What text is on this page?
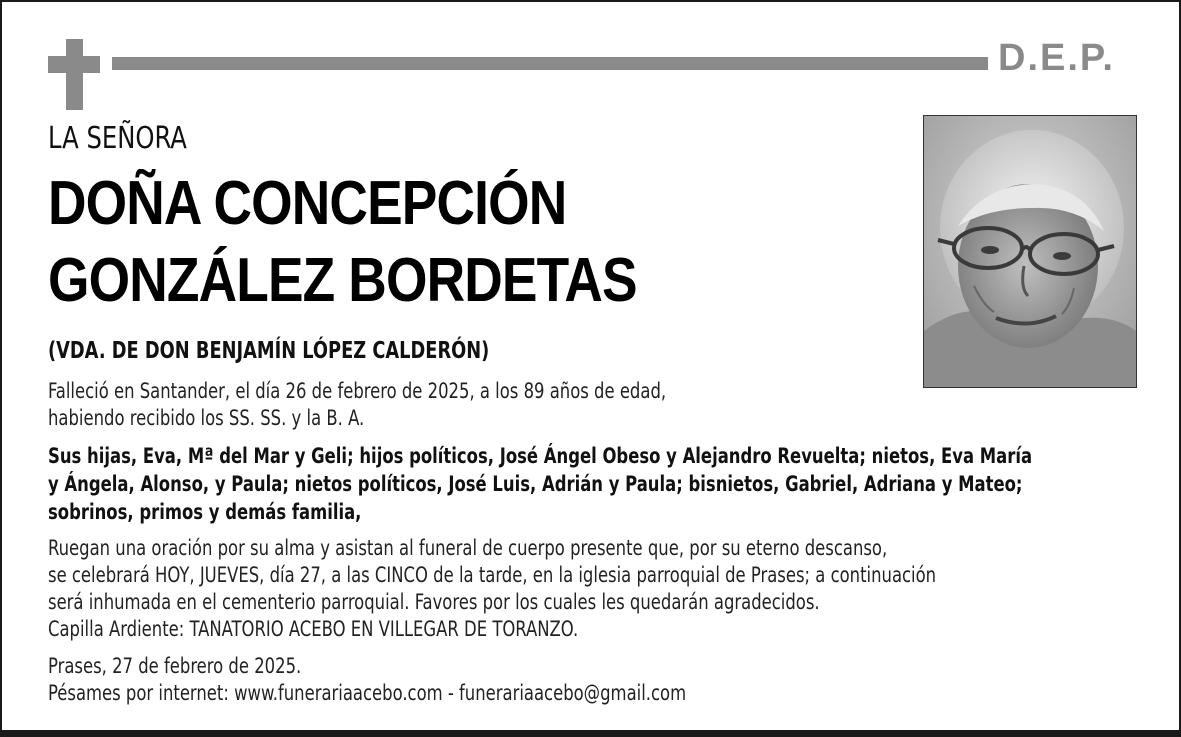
D.E.P.
LA SEÑORA
DOÑA CONCEPCIÓN
GONZÁLEZ BORDETAS
(VDA. DE DON BENJAMÍN LÓPEZ CALDERÓN)
Falleció en Santander, el día 26 de febrero de 2025, a los 89 años de edad,
habiendo recibido los SS. SS. y la B. A.
Sus hijas, Eva, Mª del Mar y Geli; hijos políticos, José Ángel Obeso y Alejandro Revuelta; nietos, Eva María
y Ángela, Alonso, y Paula; nietos políticos, José Luis, Adrián y Paula; bisnietos, Gabriel, Adriana y Mateo;
sobrinos, primos y demás familia,
Ruegan una oración por su alma y asistan al funeral de cuerpo presente que, por su eterno descanso,
se celebrará HOY, JUEVES, día 27, a las CINCO de la tarde, en la iglesia parroquial de Prases; a continuación
será inhumada en el cementerio parroquial. Favores por los cuales les quedarán agradecidos.
Capilla Ardiente: TANATORIO ACEBO EN VILLEGAR DE TORANZO.
Prases, 27 de febrero de 2025.
Pésames por internet: www.funerariaacebo.com - funerariaacebo@gmail.com
